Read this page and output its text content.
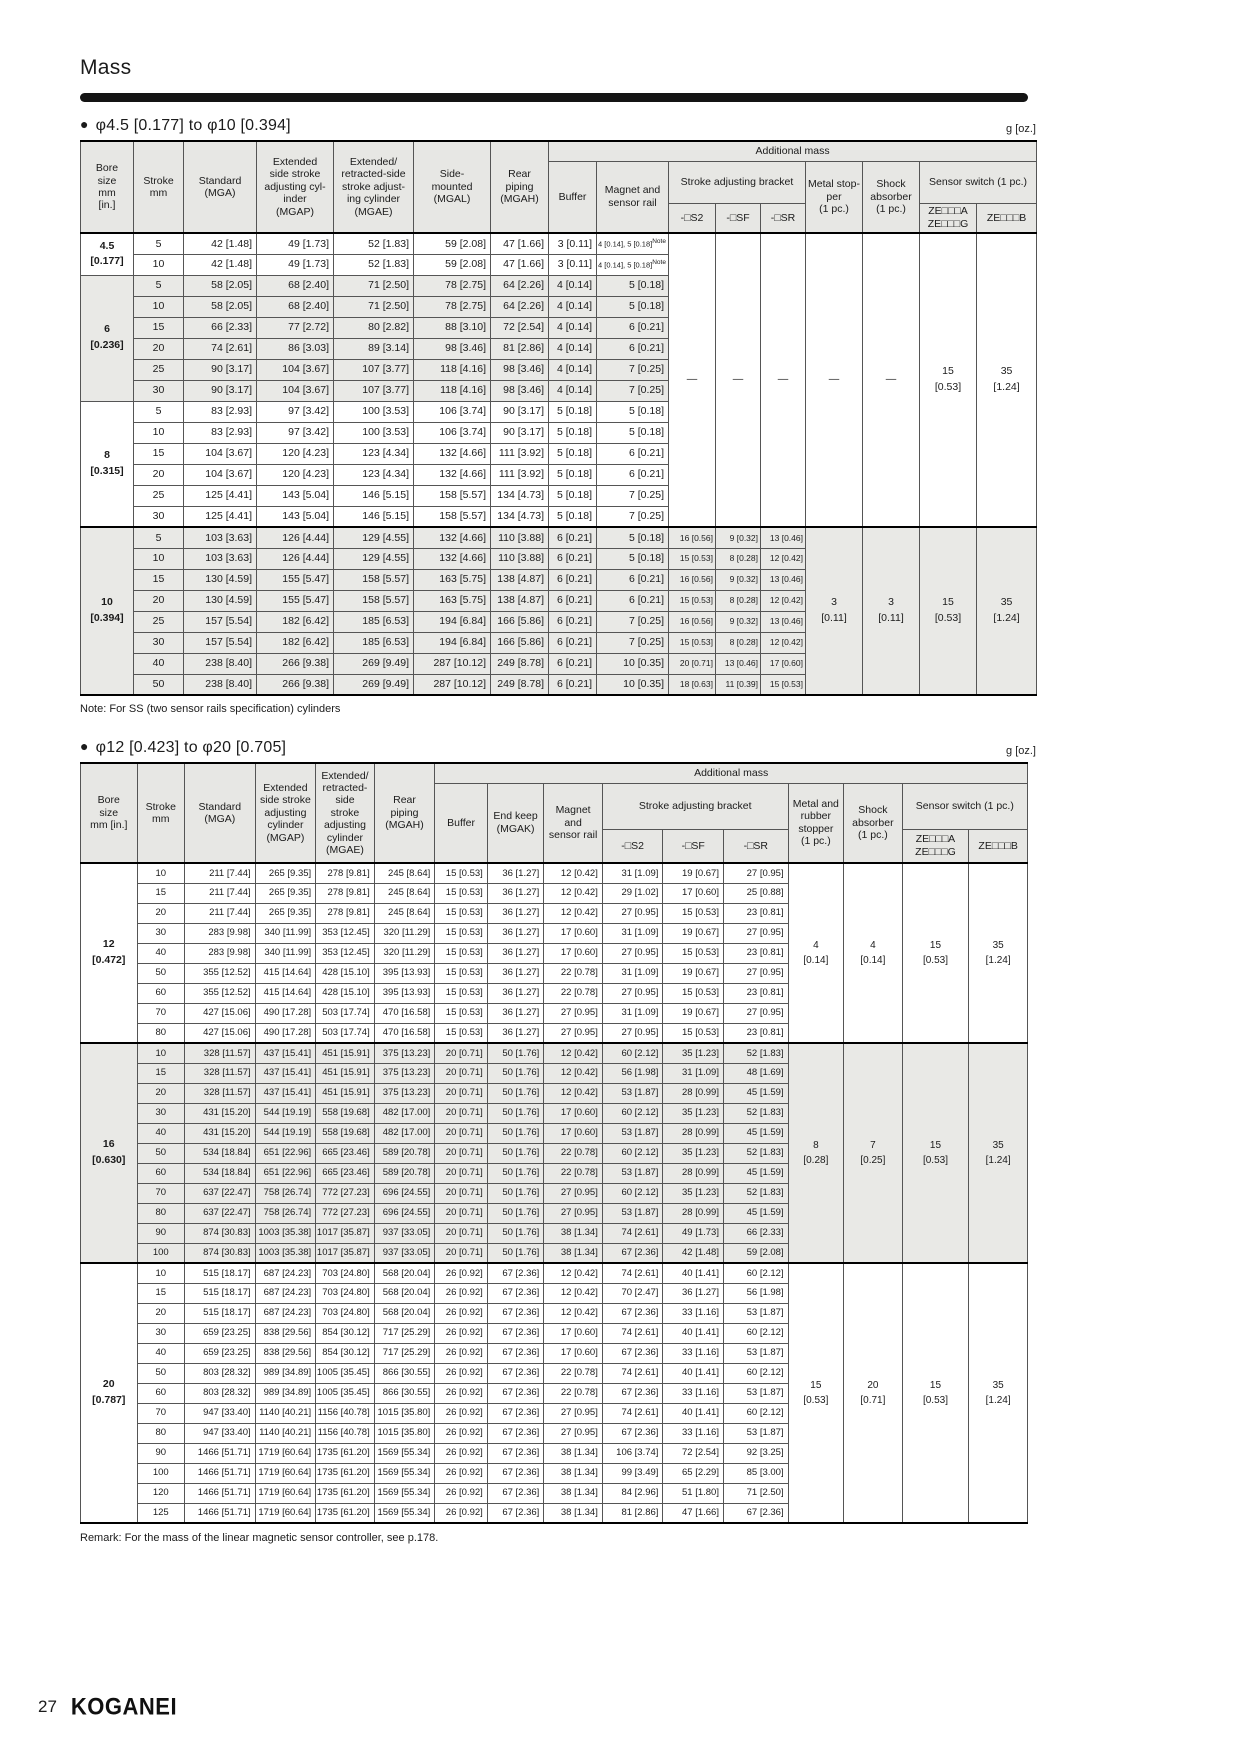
Mass
● φ4.5 [0.177] to φ10 [0.394]	g [oz.]
Bore
size
mm
[in.]	Stroke
mm	Standard
(MGA)	Extended
side stroke
adjusting cyl-
inder
(MGAP)	Extended/
retracted-side
stroke adjust-
ing cylinder
(MGAE)	Side-
mounted
(MGAL)	Rear piping
(MGAH)	Additional mass								
							Buffer	Magnet and
sensor rail	Stroke adjusting bracket			Metal stop-
per
(1 pc.)	Shock
absorber
(1 pc.)	Sensor switch (1 pc.)	
									-□S2	-□SF	-□SR			ZE□□□A
ZE□□□G	ZE□□□B
4.5
[0.177]	5	42 [1.48]	49 [1.73]	52 [1.83]	59 [2.08]	47 [1.66]	3 [0.11]	4 [0.14], 5 $[0.18]^{Note}$	—	—	—	—	—	15
[0.53]	35
[1.24]
	10	42 [1.48]	49 [1.73]	52 [1.83]	59 [2.08]	47 [1.66]	3 [0.11]	4 [0.14], 5 $[0.18]^{Note}$
6
[0.236]	5	58 [2.05]	68 [2.40]	71 [2.50]	78 [2.75]	64 [2.26]	4 [0.14]	5 [0.18]							
	10	58 [2.05]	68 [2.40]	71 [2.50]	78 [2.75]	64 [2.26]	4 [0.14]	5 [0.18]							
	15	66 [2.33]	77 [2.72]	80 [2.82]	88 [3.10]	72 [2.54]	4 [0.14]	6 [0.21]							
	20	74 [2.61]	86 [3.03]	89 [3.14]	98 [3.46]	81 [2.86]	4 [0.14]	6 [0.21]							
	25	90 [3.17]	104 [3.67]	107 [3.77]	118 [4.16]	98 [3.46]	4 [0.14]	7 [0.25]							
	30	90 [3.17]	104 [3.67]	107 [3.77]	118 [4.16]	98 [3.46]	4 [0.14]	7 [0.25]							
8
[0.315]	5	83 [2.93]	97 [3.42]	100 [3.53]	106 [3.74]	90 [3.17]	5 [0.18]	5 [0.18]							
	10	83 [2.93]	97 [3.42]	100 [3.53]	106 [3.74]	90 [3.17]	5 [0.18]	5 [0.18]							
	15	104 [3.67]	120 [4.23]	123 [4.34]	132 [4.66]	111 [3.92]	5 [0.18]	6 [0.21]							
	20	104 [3.67]	120 [4.23]	123 [4.34]	132 [4.66]	111 [3.92]	5 [0.18]	6 [0.21]							
	25	125 [4.41]	143 [5.04]	146 [5.15]	158 [5.57]	134 [4.73]	5 [0.18]	7 [0.25]							
	30	125 [4.41]	143 [5.04]	146 [5.15]	158 [5.57]	134 [4.73]	5 [0.18]	7 [0.25]							
10
[0.394]	5	103 [3.63]	126 [4.44]	129 [4.55]	132 [4.66]	110 [3.88]	6 [0.21]	5 [0.18]	16 [0.56]	9 [0.32]	13 [0.46]	3
[0.11]	3
[0.11]	15
[0.53]	35
[1.24]
	10	103 [3.63]	126 [4.44]	129 [4.55]	132 [4.66]	110 [3.88]	6 [0.21]	5 [0.18]	15 [0.53]	8 [0.28]	12 [0.42]				
	15	130 [4.59]	155 [5.47]	158 [5.57]	163 [5.75]	138 [4.87]	6 [0.21]	6 [0.21]	16 [0.56]	9 [0.32]	13 [0.46]				
	20	130 [4.59]	155 [5.47]	158 [5.57]	163 [5.75]	138 [4.87]	6 [0.21]	6 [0.21]	15 [0.53]	8 [0.28]	12 [0.42]				
	25	157 [5.54]	182 [6.42]	185 [6.53]	194 [6.84]	166 [5.86]	6 [0.21]	7 [0.25]	16 [0.56]	9 [0.32]	13 [0.46]				
	30	157 [5.54]	182 [6.42]	185 [6.53]	194 [6.84]	166 [5.86]	6 [0.21]	7 [0.25]	15 [0.53]	8 [0.28]	12 [0.42]				
	40	238 [8.40]	266 [9.38]	269 [9.49]	287 [10.12]	249 [8.78]	6 [0.21]	10 [0.35]	20 [0.71]	13 [0.46]	17 [0.60]				
	50	238 [8.40]	266 [9.38]	269 [9.49]	287 [10.12]	249 [8.78]	6 [0.21]	10 [0.35]	18 [0.63]	11 [0.39]	15 [0.53]				
Note: For SS (two sensor rails specification) cylinders
● φ12 [0.423] to φ20 [0.705]	g [oz.]
Bore
size
mm [in.]	Stroke
mm	Standard
(MGA)	Extended
side stroke
adjusting
cylinder
(MGAP)	Extended/
retracted-side
stroke adjusting
cylinder
(MGAE)	Rear
piping
(MGAH)	Additional mass									
						Buffer	End keep
(MGAK)	Magnet and
sensor rail	Stroke adjusting bracket			Metal and
rubber
stopper
(1 pc.)	Shock
absorber
(1 pc.)	Sensor switch (1 pc.)	
									-□S2	-□SF	-□SR			ZE□□□A
ZE□□□G	ZE□□□B
12
[0.472]	10	211 [7.44]	265 [9.35]	278 [9.81]	245 [8.64]	15 [0.53]	36 [1.27]	12 [0.42]	31 [1.09]	19 [0.67]	27 [0.95]	4
[0.14]	4
[0.14]	15
[0.53]	35
[1.24]
	15	211 [7.44]	265 [9.35]	278 [9.81]	245 [8.64]	15 [0.53]	36 [1.27]	12 [0.42]	29 [1.02]	17 [0.60]	25 [0.88]				
	20	211 [7.44]	265 [9.35]	278 [9.81]	245 [8.64]	15 [0.53]	36 [1.27]	12 [0.42]	27 [0.95]	15 [0.53]	23 [0.81]				
	30	283 [9.98]	340 [11.99]	353 [12.45]	320 [11.29]	15 [0.53]	36 [1.27]	17 [0.60]	31 [1.09]	19 [0.67]	27 [0.95]				
	40	283 [9.98]	340 [11.99]	353 [12.45]	320 [11.29]	15 [0.53]	36 [1.27]	17 [0.60]	27 [0.95]	15 [0.53]	23 [0.81]				
	50	355 [12.52]	415 [14.64]	428 [15.10]	395 [13.93]	15 [0.53]	36 [1.27]	22 [0.78]	31 [1.09]	19 [0.67]	27 [0.95]				
	60	355 [12.52]	415 [14.64]	428 [15.10]	395 [13.93]	15 [0.53]	36 [1.27]	22 [0.78]	27 [0.95]	15 [0.53]	23 [0.81]				
	70	427 [15.06]	490 [17.28]	503 [17.74]	470 [16.58]	15 [0.53]	36 [1.27]	27 [0.95]	31 [1.09]	19 [0.67]	27 [0.95]				
	80	427 [15.06]	490 [17.28]	503 [17.74]	470 [16.58]	15 [0.53]	36 [1.27]	27 [0.95]	27 [0.95]	15 [0.53]	23 [0.81]				
16
[0.630]	10	328 [11.57]	437 [15.41]	451 [15.91]	375 [13.23]	20 [0.71]	50 [1.76]	12 [0.42]	60 [2.12]	35 [1.23]	52 [1.83]	8
[0.28]	7
[0.25]	15
[0.53]	35
[1.24]
	15	328 [11.57]	437 [15.41]	451 [15.91]	375 [13.23]	20 [0.71]	50 [1.76]	12 [0.42]	56 [1.98]	31 [1.09]	48 [1.69]				
	20	328 [11.57]	437 [15.41]	451 [15.91]	375 [13.23]	20 [0.71]	50 [1.76]	12 [0.42]	53 [1.87]	28 [0.99]	45 [1.59]				
	30	431 [15.20]	544 [19.19]	558 [19.68]	482 [17.00]	20 [0.71]	50 [1.76]	17 [0.60]	60 [2.12]	35 [1.23]	52 [1.83]				
	40	431 [15.20]	544 [19.19]	558 [19.68]	482 [17.00]	20 [0.71]	50 [1.76]	17 [0.60]	53 [1.87]	28 [0.99]	45 [1.59]				
	50	534 [18.84]	651 [22.96]	665 [23.46]	589 [20.78]	20 [0.71]	50 [1.76]	22 [0.78]	60 [2.12]	35 [1.23]	52 [1.83]				
	60	534 [18.84]	651 [22.96]	665 [23.46]	589 [20.78]	20 [0.71]	50 [1.76]	22 [0.78]	53 [1.87]	28 [0.99]	45 [1.59]				
	70	637 [22.47]	758 [26.74]	772 [27.23]	696 [24.55]	20 [0.71]	50 [1.76]	27 [0.95]	60 [2.12]	35 [1.23]	52 [1.83]				
	80	637 [22.47]	758 [26.74]	772 [27.23]	696 [24.55]	20 [0.71]	50 [1.76]	27 [0.95]	53 [1.87]	28 [0.99]	45 [1.59]				
	90	874 [30.83]	1003 [35.38]	1017 [35.87]	937 [33.05]	20 [0.71]	50 [1.76]	38 [1.34]	74 [2.61]	49 [1.73]	66 [2.33]				
	100	874 [30.83]	1003 [35.38]	1017 [35.87]	937 [33.05]	20 [0.71]	50 [1.76]	38 [1.34]	67 [2.36]	42 [1.48]	59 [2.08]				
20
[0.787]	10	515 [18.17]	687 [24.23]	703 [24.80]	568 [20.04]	26 [0.92]	67 [2.36]	12 [0.42]	74 [2.61]	40 [1.41]	60 [2.12]	15
[0.53]	20
[0.71]	15
[0.53]	35
[1.24]
	15	515 [18.17]	687 [24.23]	703 [24.80]	568 [20.04]	26 [0.92]	67 [2.36]	12 [0.42]	70 [2.47]	36 [1.27]	56 [1.98]				
	20	515 [18.17]	687 [24.23]	703 [24.80]	568 [20.04]	26 [0.92]	67 [2.36]	12 [0.42]	67 [2.36]	33 [1.16]	53 [1.87]				
	30	659 [23.25]	838 [29.56]	854 [30.12]	717 [25.29]	26 [0.92]	67 [2.36]	17 [0.60]	74 [2.61]	40 [1.41]	60 [2.12]				
	40	659 [23.25]	838 [29.56]	854 [30.12]	717 [25.29]	26 [0.92]	67 [2.36]	17 [0.60]	67 [2.36]	33 [1.16]	53 [1.87]				
	50	803 [28.32]	989 [34.89]	1005 [35.45]	866 [30.55]	26 [0.92]	67 [2.36]	22 [0.78]	74 [2.61]	40 [1.41]	60 [2.12]				
	60	803 [28.32]	989 [34.89]	1005 [35.45]	866 [30.55]	26 [0.92]	67 [2.36]	22 [0.78]	67 [2.36]	33 [1.16]	53 [1.87]				
	70	947 [33.40]	1140 [40.21]	1156 [40.78]	1015 [35.80]	26 [0.92]	67 [2.36]	27 [0.95]	74 [2.61]	40 [1.41]	60 [2.12]				
	80	947 [33.40]	1140 [40.21]	1156 [40.78]	1015 [35.80]	26 [0.92]	67 [2.36]	27 [0.95]	67 [2.36]	33 [1.16]	53 [1.87]				
	90	1466 [51.71]	1719 [60.64]	1735 [61.20]	1569 [55.34]	26 [0.92]	67 [2.36]	38 [1.34]	106 [3.74]	72 [2.54]	92 [3.25]				
	100	1466 [51.71]	1719 [60.64]	1735 [61.20]	1569 [55.34]	26 [0.92]	67 [2.36]	38 [1.34]	99 [3.49]	65 [2.29]	85 [3.00]				
	120	1466 [51.71]	1719 [60.64]	1735 [61.20]	1569 [55.34]	26 [0.92]	67 [2.36]	38 [1.34]	84 [2.96]	51 [1.80]	71 [2.50]				
	125	1466 [51.71]	1719 [60.64]	1735 [61.20]	1569 [55.34]	26 [0.92]	67 [2.36]	38 [1.34]	81 [2.86]	47 [1.66]	67 [2.36]				
Remark: For the mass of the linear magnetic sensor controller, see p.178.
27 KOGANEI
